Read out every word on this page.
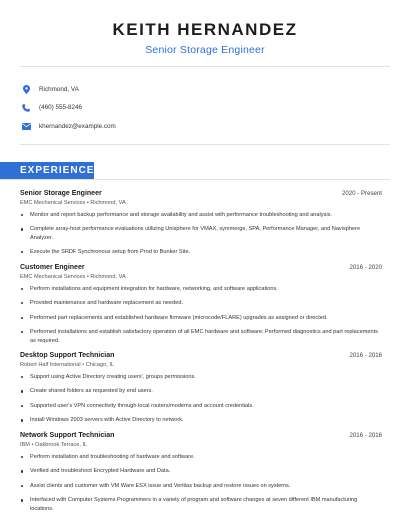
KEITH HERNANDEZ
Senior Storage Engineer
Richmond, VA
(460) 555-8246
khernandez@example.com
EXPERIENCE
Senior Storage Engineer	2020 - Present
EMC Mechanical Services • Richmond, VA
Monitor and report backup performance and storage availability and assist with performance troubleshooting and analysis.
Complete array-host performance evaluations utilizing Unisphere for VMAX, symmerge, SPA, Performance Manager, and Navisphere Analyzer.
Execute the SRDF Synchronous setup from Prod to Bunker Site.
Customer Engineer	2016 - 2020
EMC Mechanical Services • Richmond, VA
Perform installations and equipment integration for hardware, networking, and software applications.
Provided maintenance and hardware replacement as needed.
Performed part replacements and established hardware firmware (microcode/FLARE) upgrades as assigned or directed.
Performed installations and establish satisfactory operation of all EMC hardware and software; Performed diagnostics and part replacements as required.
Desktop Support Technician	2016 - 2016
Robert Half International • Chicago, IL
Support using Active Directory creating users', groups permissions.
Create shared folders as requested by end users.
Supported user's VPN connectivity through local routers/modems and account credentials.
Install Windows 2003 servers with Active Directory to network.
Network Support Technician	2016 - 2016
IBM • Oakbrook Terrace, IL
Perform installation and troubleshooting of hardware and software.
Verified and troubleshoot Encrypted Hardware and Data.
Assist clients and customer with VM Ware ESX issue and Veritias backup and restore issues on systems.
Interfaced with Computer Systems Programmers in a variety of program and software changes at seven different IBM manufacturing locations.
